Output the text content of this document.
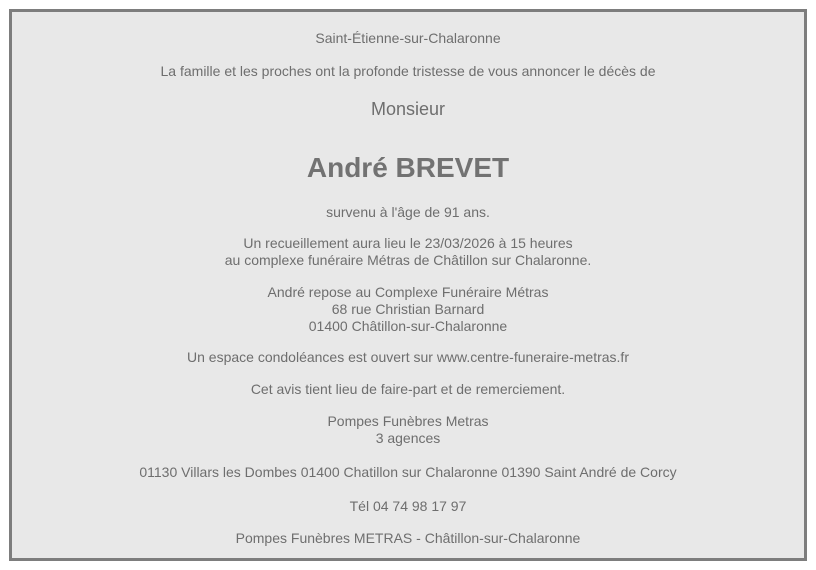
Saint-Étienne-sur-Chalaronne
La famille et les proches ont la profonde tristesse de vous annoncer le décès de
Monsieur
André BREVET
survenu à l'âge de 91 ans.
Un recueillement aura lieu le 23/03/2026 à 15 heures
au complexe funéraire Métras de Châtillon sur Chalaronne.
André repose au Complexe Funéraire Métras
68 rue Christian Barnard
01400 Châtillon-sur-Chalaronne
Un espace condoléances est ouvert sur www.centre-funeraire-metras.fr
Cet avis tient lieu de faire-part et de remerciement.
Pompes Funèbres Metras
3 agences
01130 Villars les Dombes 01400 Chatillon sur Chalaronne 01390 Saint André de Corcy
Tél 04 74 98 17 97
Pompes Funèbres METRAS - Châtillon-sur-Chalaronne
